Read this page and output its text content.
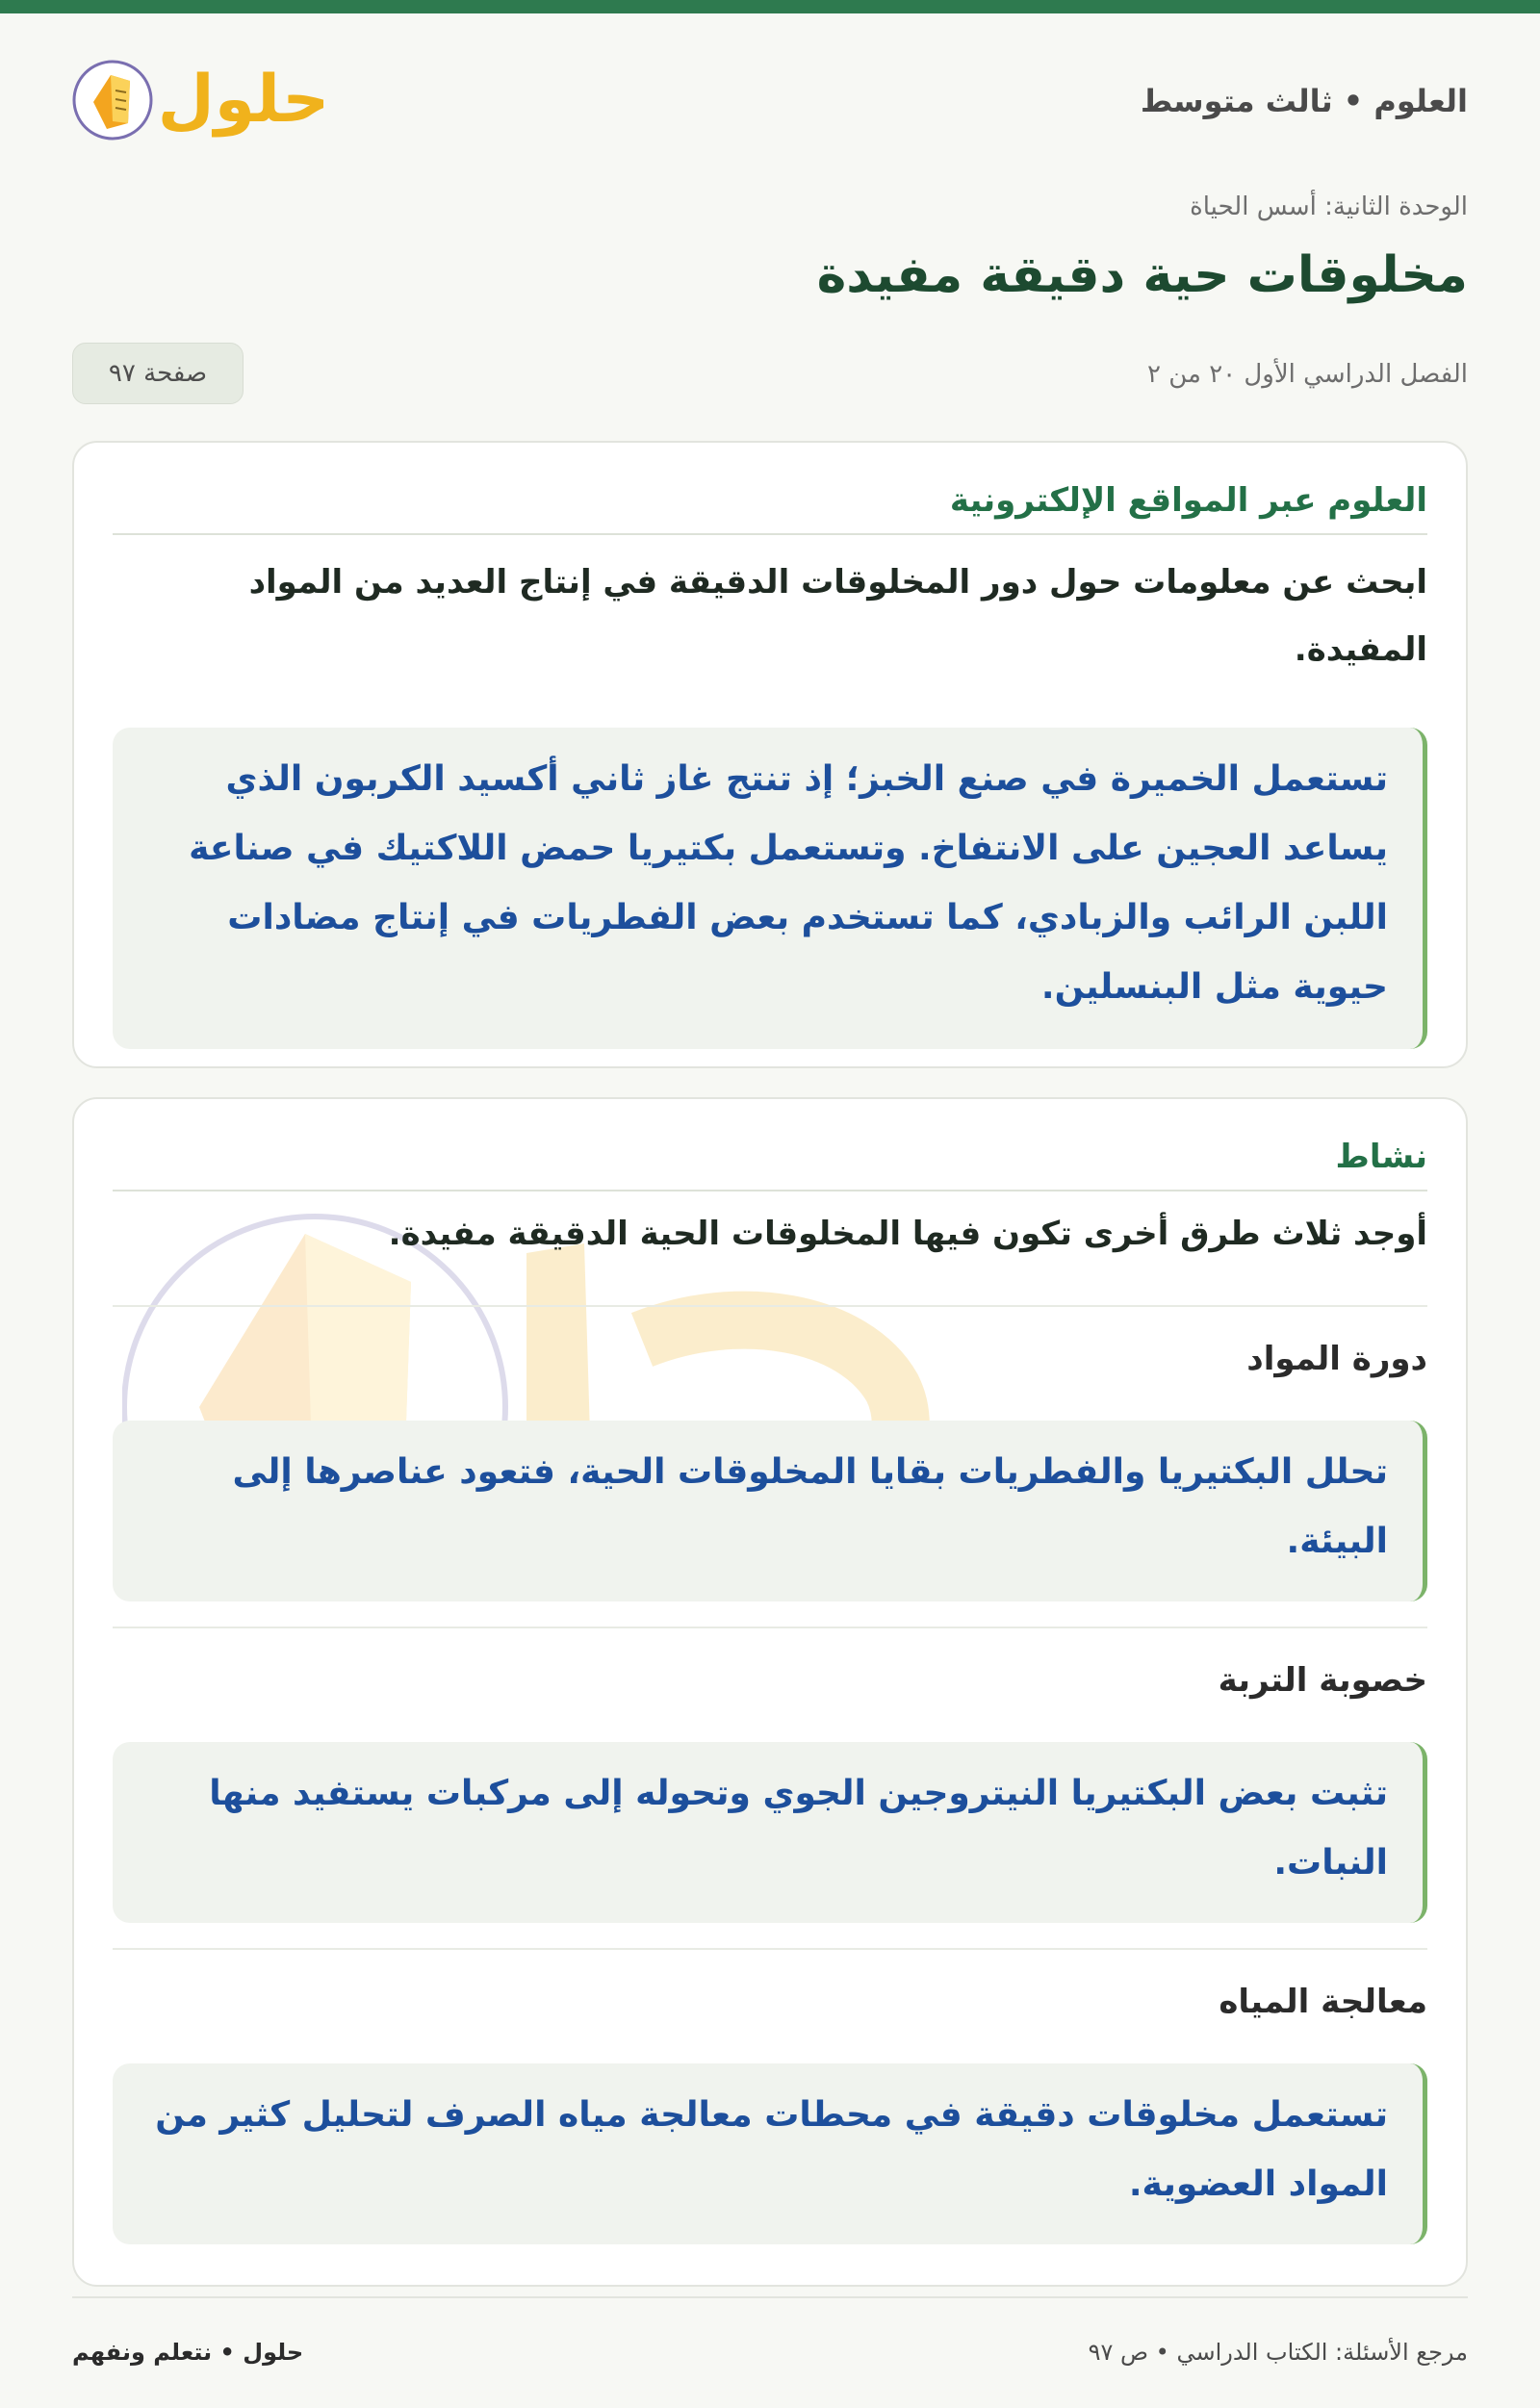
العلوم • ثالث متوسط
حلول
الوحدة الثانية: أسس الحياة
مخلوقات حية دقيقة مفيدة
الفصل الدراسي الأول ٢٠ من ٢
صفحة ٩٧
العلوم عبر المواقع الإلكترونية
ابحث عن معلومات حول دور المخلوقات الدقيقة في إنتاج العديد من المواد المفيدة.
تستعمل الخميرة في صنع الخبز؛ إذ تنتج غاز ثاني أكسيد الكربون الذي يساعد العجين على الانتفاخ. وتستعمل بكتيريا حمض اللاكتيك في صناعة اللبن الرائب والزبادي، كما تستخدم بعض الفطريات في إنتاج مضادات حيوية مثل البنسلين.
نشاط
أوجد ثلاث طرق أخرى تكون فيها المخلوقات الحية الدقيقة مفيدة.
دورة المواد
تحلل البكتيريا والفطريات بقايا المخلوقات الحية، فتعود عناصرها إلى البيئة.
خصوبة التربة
تثبت بعض البكتيريا النيتروجين الجوي وتحوله إلى مركبات يستفيد منها النبات.
معالجة المياه
تستعمل مخلوقات دقيقة في محطات معالجة مياه الصرف لتحليل كثير من المواد العضوية.
مرجع الأسئلة: الكتاب الدراسي • ص ٩٧
حلول • نتعلم ونفهم
